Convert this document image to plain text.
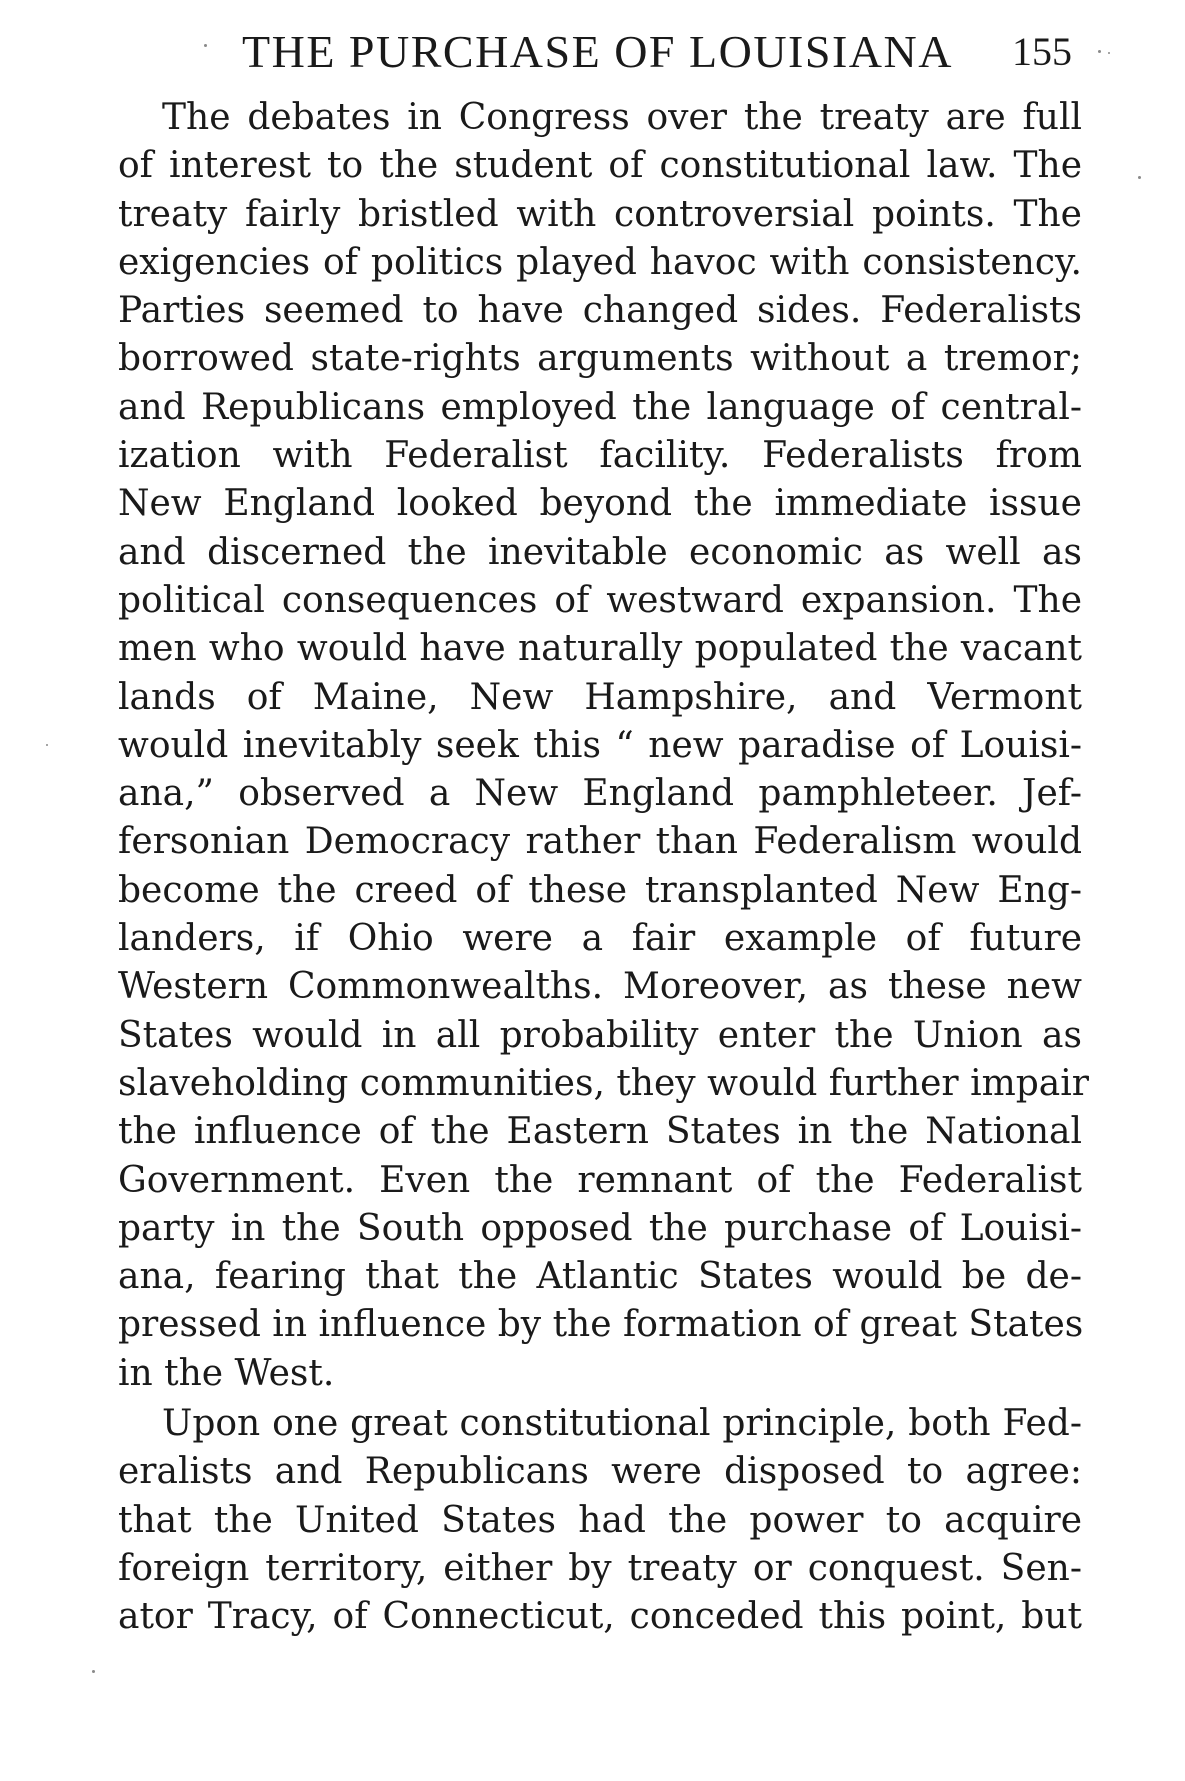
THE PURCHASE OF LOUISIANA 155
The debates in Congress over the treaty are full
of interest to the student of constitutional law. The
treaty fairly bristled with controversial points. The
exigencies of politics played havoc with consistency.
Parties seemed to have changed sides. Federalists
borrowed state-rights arguments without a tremor;
and Republicans employed the language of central-
ization with Federalist facility. Federalists from
New England looked beyond the immediate issue
and discerned the inevitable economic as well as
political consequences of westward expansion. The
men who would have naturally populated the vacant
lands of Maine, New Hampshire, and Vermont
would inevitably seek this “ new paradise of Louisi-
ana,” observed a New England pamphleteer. Jef-
fersonian Democracy rather than Federalism would
become the creed of these transplanted New Eng-
landers, if Ohio were a fair example of future
Western Commonwealths. Moreover, as these new
States would in all probability enter the Union as
slaveholding communities, they would further impair
the influence of the Eastern States in the National
Government. Even the remnant of the Federalist
party in the South opposed the purchase of Louisi-
ana, fearing that the Atlantic States would be de-
pressed in influence by the formation of great States
in the West.
Upon one great constitutional principle, both Fed-
eralists and Republicans were disposed to agree:
that the United States had the power to acquire
foreign territory, either by treaty or conquest. Sen-
ator Tracy, of Connecticut, conceded this point, but
